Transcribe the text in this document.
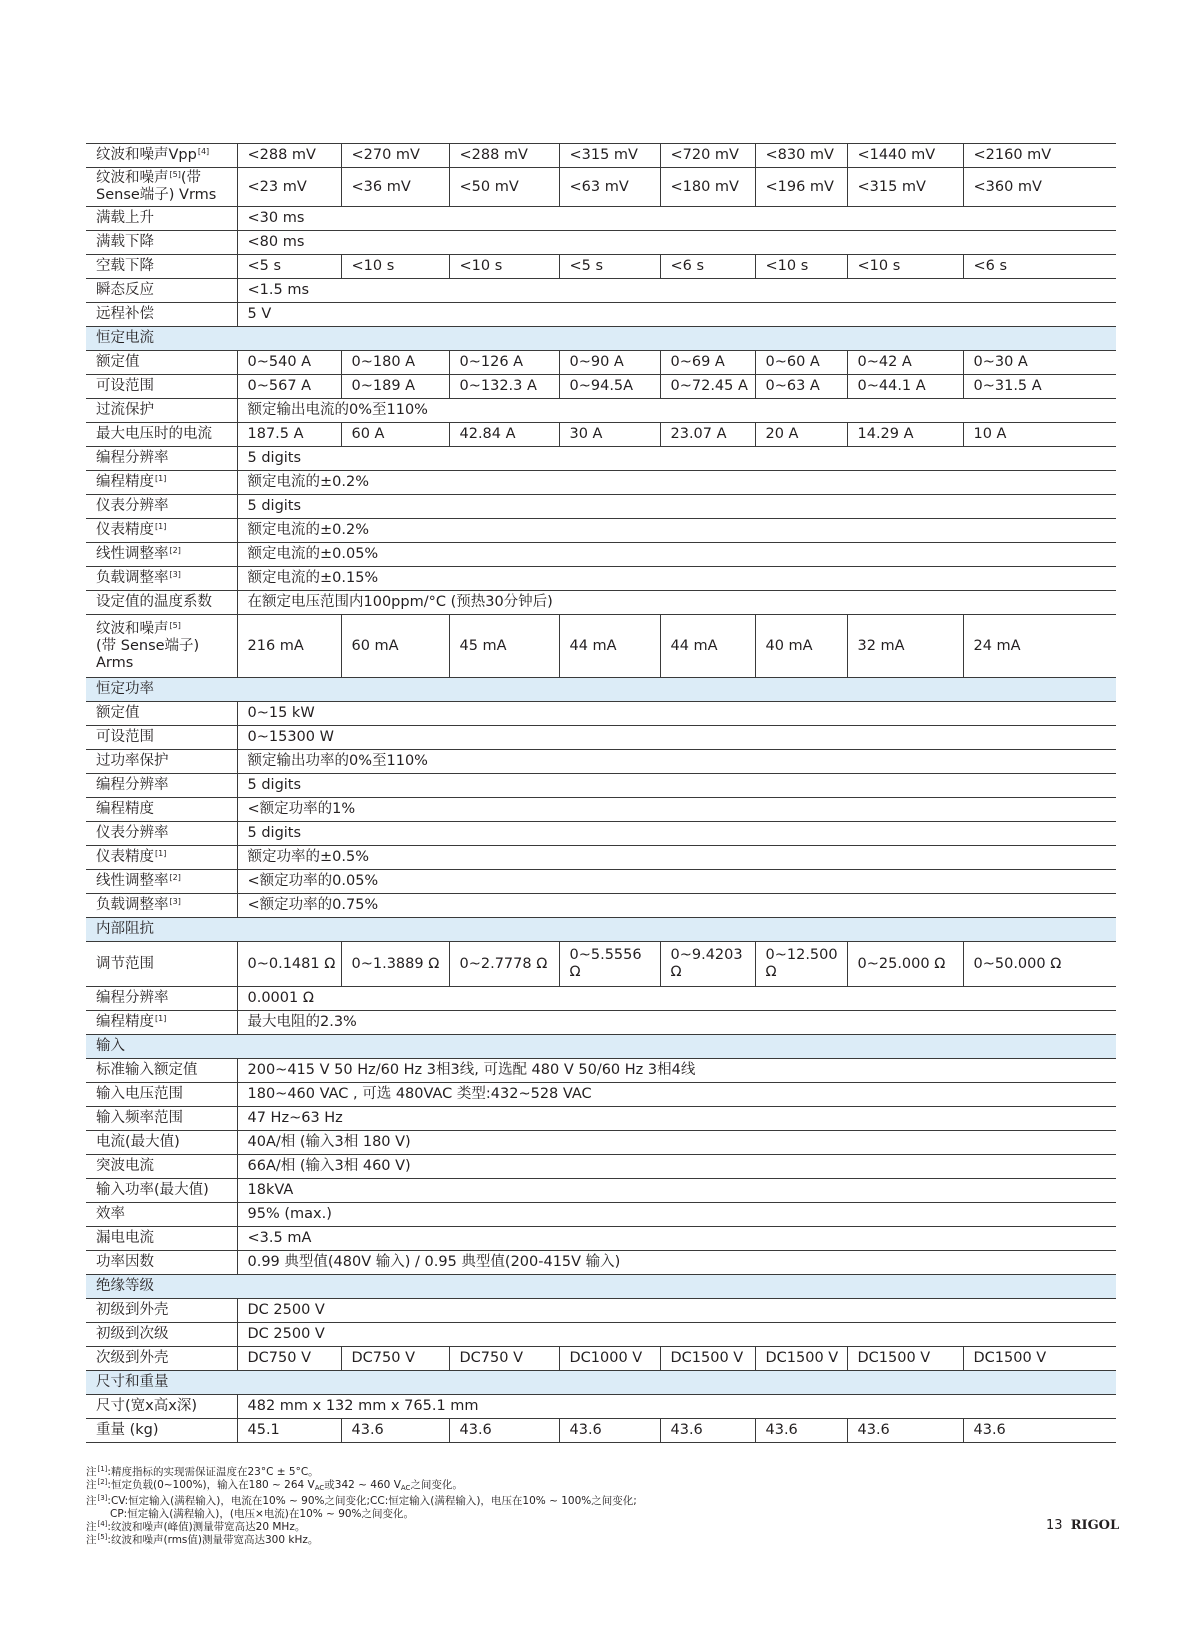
纹波和噪声Vpp[4]	<288 mV	<270 mV	<288 mV	<315 mV	<720 mV	<830 mV	<1440 mV	<2160 mV
纹波和噪声[5](带Sense端子) Vrms	<23 mV	<36 mV	<50 mV	<63 mV	<180 mV	<196 mV	<315 mV	<360 mV
满载上升	<30 ms							
满载下降	<80 ms							
空载下降	<5 s	<10 s	<10 s	<5 s	<6 s	<10 s	<10 s	<6 s
瞬态反应	<1.5 ms							
远程补偿	5 V							
恒定电流								
额定值	0~540 A	0~180 A	0~126 A	0~90 A	0~69 A	0~60 A	0~42 A	0~30 A
可设范围	0~567 A	0~189 A	0~132.3 A	0~94.5A	0~72.45 A	0~63 A	0~44.1 A	0~31.5 A
过流保护	额定输出电流的0%至110%							
最大电压时的电流	187.5 A	60 A	42.84 A	30 A	23.07 A	20 A	14.29 A	10 A
编程分辨率	5 digits							
编程精度[1]	额定电流的±0.2%							
仪表分辨率	5 digits							
仪表精度[1]	额定电流的±0.2%							
线性调整率[2]	额定电流的±0.05%							
负载调整率[3]	额定电流的±0.15%							
设定值的温度系数	在额定电压范围内100ppm/°C (预热30分钟后)							
纹波和噪声[5]
(带 Sense端子)
Arms	216 mA	60 mA	45 mA	44 mA	44 mA	40 mA	32 mA	24 mA
恒定功率								
额定值	0~15 kW							
可设范围	0~15300 W							
过功率保护	额定输出功率的0%至110%							
编程分辨率	5 digits							
编程精度	<额定功率的1%							
仪表分辨率	5 digits							
仪表精度[1]	额定功率的±0.5%							
线性调整率[2]	<额定功率的0.05%							
负载调整率[3]	<额定功率的0.75%							
内部阻抗								
调节范围	0~0.1481 Ω	0~1.3889 Ω	0~2.7778 Ω	0~5.5556 Ω	0~9.4203 Ω	0~12.500 Ω	0~25.000 Ω	0~50.000 Ω
编程分辨率	0.0001 Ω							
编程精度[1]	最大电阻的2.3%							
输入								
标准输入额定值	200~415 V 50 Hz/60 Hz 3相3线, 可选配 480 V 50/60 Hz 3相4线							
输入电压范围	180~460 VAC , 可选 480VAC 类型:432~528 VAC							
输入频率范围	47 Hz~63 Hz							
电流(最大值)	40A/相 (输入3相 180 V)							
突波电流	66A/相 (输入3相 460 V)							
输入功率(最大值)	18kVA							
效率	95% (max.)							
漏电电流	<3.5 mA							
功率因数	0.99 典型值(480V 输入) / 0.95 典型值(200-415V 输入)							
绝缘等级								
初级到外壳	DC 2500 V							
初级到次级	DC 2500 V							
次级到外壳	DC750 V	DC750 V	DC750 V	DC1000 V	DC1500 V	DC1500 V	DC1500 V	DC1500 V
尺寸和重量								
尺寸(宽x高x深)	482 mm x 132 mm x 765.1 mm							
重量 (kg)	45.1	43.6	43.6	43.6	43.6	43.6	43.6	43.6
注[1]:精度指标的实现需保证温度在23°C ± 5°C。
注[2]:恒定负载(0~100%)，输入在180 ~ 264 $V_{AC}$或342 ~ 460 $V_{AC}$之间变化。
注[3]:CV:恒定输入(满程输入)，电流在10% ~ 90%之间变化;CC:恒定输入(满程输入)，电压在10% ~ 100%之间变化;
CP:恒定输入(满程输入)，(电压×电流)在10% ~ 90%之间变化。
注[4]:纹波和噪声(峰值)测量带宽高达20 MHz。
注[5]:纹波和噪声(rms值)测量带宽高达300 kHz。
13 RIGOL
